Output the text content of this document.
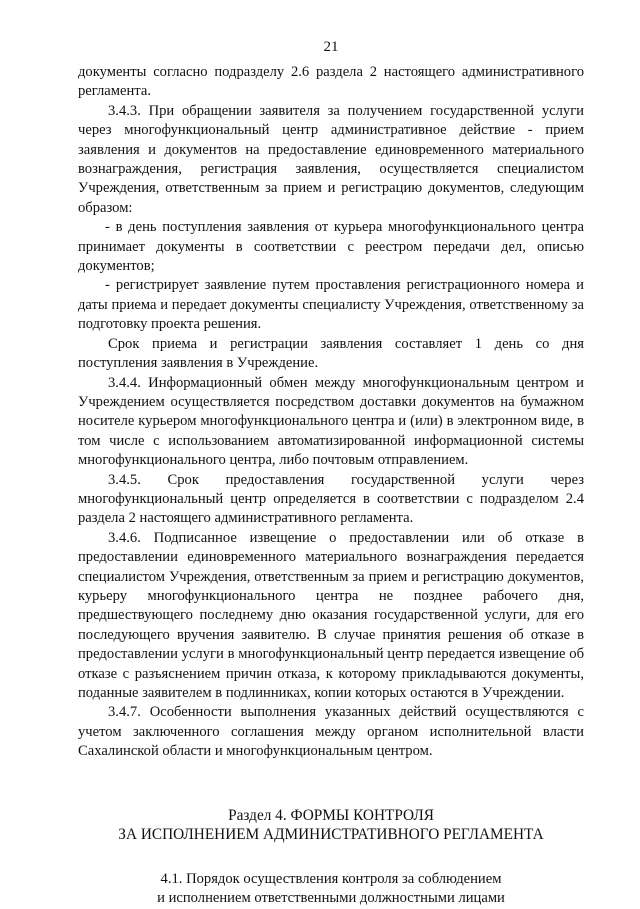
21

документы согласно подразделу 2.6 раздела 2 настоящего административного регламента.

3.4.3. При обращении заявителя за получением государственной услуги через многофункциональный центр административное действие - прием заявления и документов на предоставление единовременного материального вознаграждения, регистрация заявления, осуществляется специалистом Учреждения, ответственным за прием и регистрацию документов, следующим образом:

- в день поступления заявления от курьера многофункционального центра принимает документы в соответствии с реестром передачи дел, описью документов;

- регистрирует заявление путем проставления регистрационного номера и даты приема и передает документы специалисту Учреждения, ответственному за подготовку проекта решения.

Срок приема и регистрации заявления составляет 1 день со дня поступления заявления в Учреждение.

3.4.4. Информационный обмен между многофункциональным центром и Учреждением осуществляется посредством доставки документов на бумажном носителе курьером многофункционального центра и (или) в электронном виде, в том числе с использованием автоматизированной информационной системы многофункционального центра, либо почтовым отправлением.

3.4.5. Срок предоставления государственной услуги через многофункциональный центр определяется в соответствии с подразделом 2.4 раздела 2 настоящего административного регламента.

3.4.6. Подписанное извещение о предоставлении или об отказе в предоставлении единовременного материального вознаграждения передается специалистом Учреждения, ответственным за прием и регистрацию документов, курьеру многофункционального центра не позднее рабочего дня, предшествующего последнему дню оказания государственной услуги, для его последующего вручения заявителю. В случае принятия решения об отказе в предоставлении услуги в многофункциональный центр передается извещение об отказе с разъяснением причин отказа, к которому прикладываются документы, поданные заявителем в подлинниках, копии которых остаются в Учреждении.

3.4.7. Особенности выполнения указанных действий осуществляются с учетом заключенного соглашения между органом исполнительной власти Сахалинской области и многофункциональным центром.

Раздел 4. ФОРМЫ КОНТРОЛЯ
ЗА ИСПОЛНЕНИЕМ АДМИНИСТРАТИВНОГО РЕГЛАМЕНТА
4.1. Порядок осуществления контроля за соблюдением
и исполнением ответственными должностными лицами
